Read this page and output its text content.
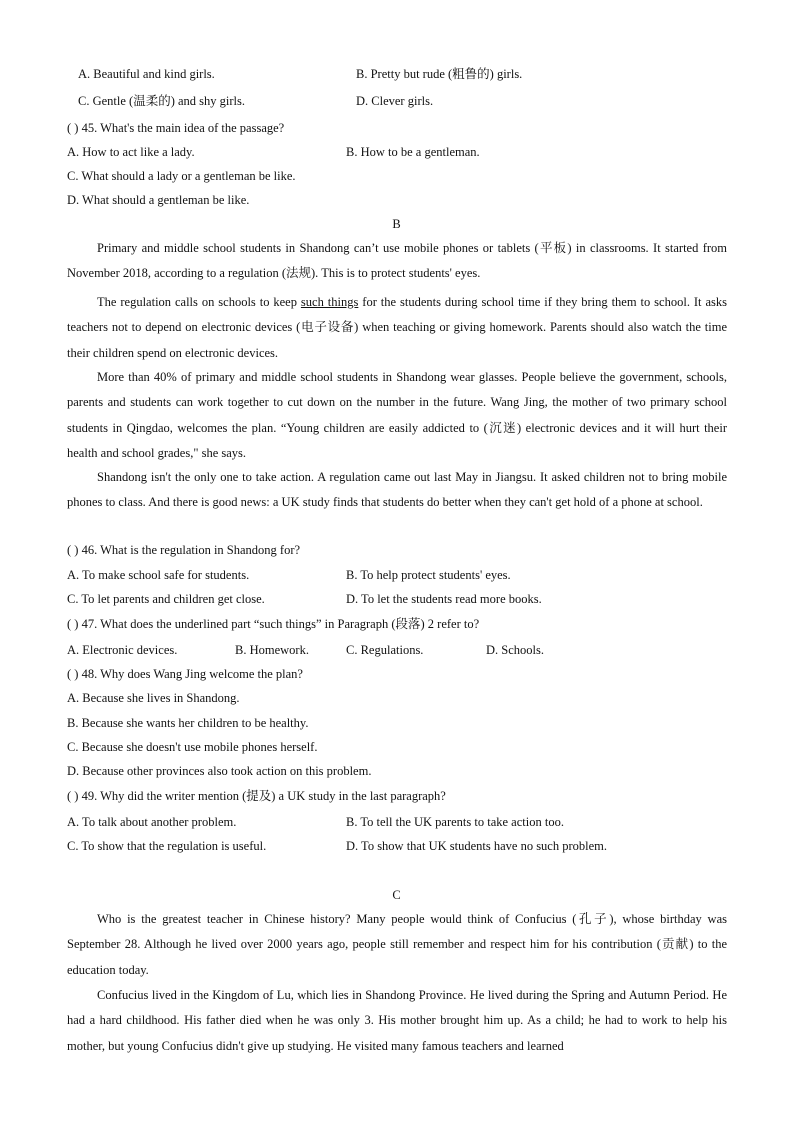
A. Beautiful and kind girls.	B. Pretty but rude (粗鲁的) girls.
C. Gentle (温柔的) and shy girls.	D. Clever girls.
( ) 45. What's the main idea of the passage?
A. How to act like a lady.	B. How to be a gentleman.
C. What should a lady or a gentleman be like.
D. What should a gentleman be like.
B
Primary and middle school students in Shandong can’t use mobile phones or tablets (平板) in classrooms. It started from November 2018, according to a regulation (法规). This is to protect students' eyes.
The regulation calls on schools to keep such things for the students during school time if they bring them to school. It asks teachers not to depend on electronic devices (电子设备) when teaching or giving homework. Parents should also watch the time their children spend on electronic devices.
More than 40% of primary and middle school students in Shandong wear glasses. People believe the government, schools, parents and students can work together to cut down on the number in the future. Wang Jing, the mother of two primary school students in Qingdao, welcomes the plan. “Young children are easily addicted to (沉迷) electronic devices and it will hurt their health and school grades," she says.
Shandong isn't the only one to take action. A regulation came out last May in Jiangsu. It asked children not to bring mobile phones to class. And there is good news: a UK study finds that students do better when they can't get hold of a phone at school.
( ) 46. What is the regulation in Shandong for?
A. To make school safe for students.	B. To help protect students' eyes.
C. To let parents and children get close.	D. To let the students read more books.
( ) 47. What does the underlined part “such things” in Paragraph (段落) 2 refer to?
A. Electronic devices.	B. Homework.	C. Regulations.	D. Schools.
( ) 48. Why does Wang Jing welcome the plan?
A. Because she lives in Shandong.
B. Because she wants her children to be healthy.
C. Because she doesn't use mobile phones herself.
D. Because other provinces also took action on this problem.
( ) 49. Why did the writer mention (提及) a UK study in the last paragraph?
A. To talk about another problem.	B. To tell the UK parents to take action too.
C. To show that the regulation is useful.	D. To show that UK students have no such problem.
C
Who is the greatest teacher in Chinese history? Many people would think of Confucius (孔子), whose birthday was September 28. Although he lived over 2000 years ago, people still remember and respect him for his contribution (贡献) to the education today.
Confucius lived in the Kingdom of Lu, which lies in Shandong Province. He lived during the Spring and Autumn Period. He had a hard childhood. His father died when he was only 3. His mother brought him up. As a child; he had to work to help his mother, but young Confucius didn't give up studying. He visited many famous teachers and learned
